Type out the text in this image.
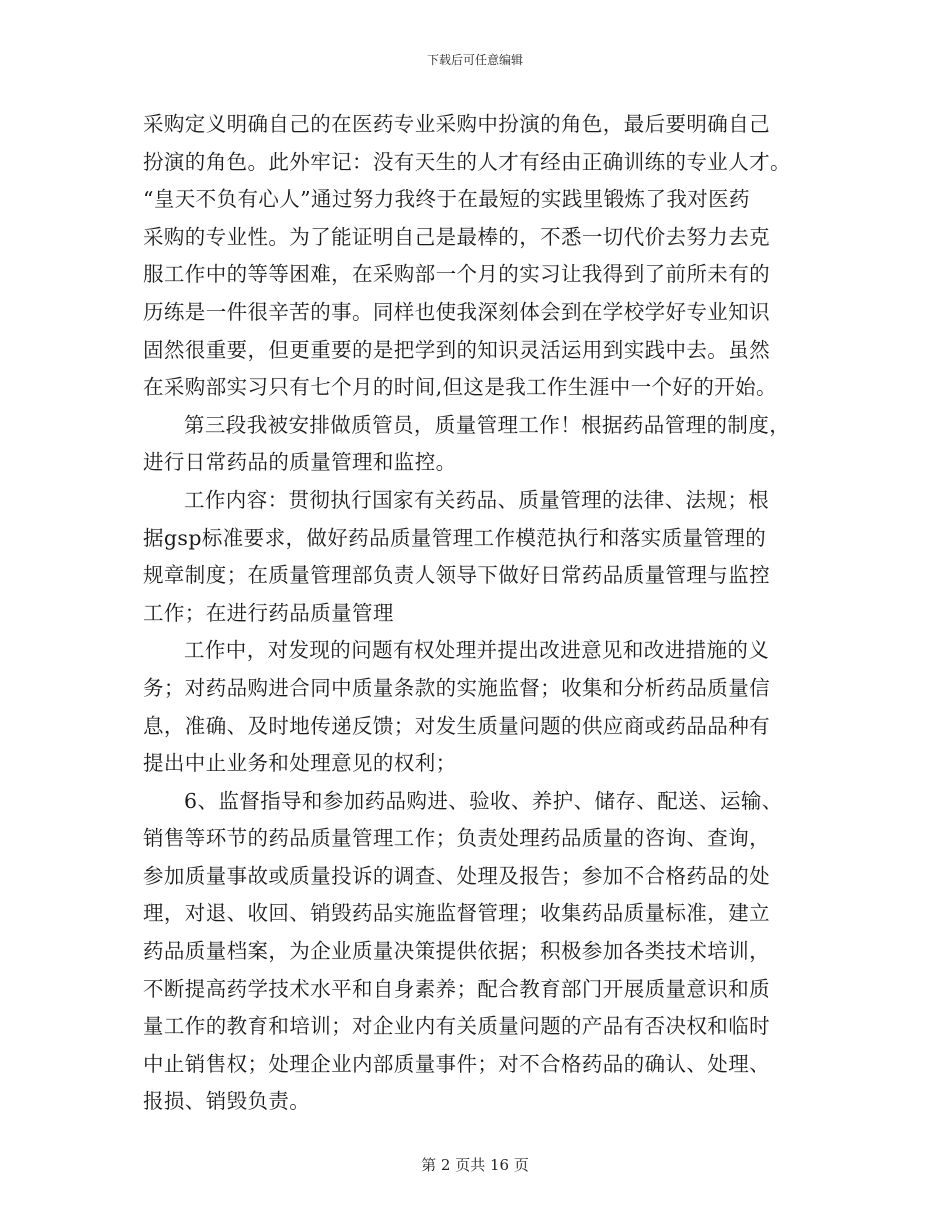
下载后可任意编辑
采购定义明确自己的在医药专业采购中扮演的角色，最后要明确自己
扮演的角色。此外牢记：没有天生的人才有经由正确训练的专业人才。
“皇天不负有心人”通过努力我终于在最短的实践里锻炼了我对医药
采购的专业性。为了能证明自己是最棒的，不悉一切代价去努力去克
服工作中的等等困难，在采购部一个月的实习让我得到了前所未有的
历练是一件很辛苦的事。同样也使我深刻体会到在学校学好专业知识
固然很重要，但更重要的是把学到的知识灵活运用到实践中去。虽然
在采购部实习只有七个月的时间,但这是我工作生涯中一个好的开始。
第三段我被安排做质管员，质量管理工作！根据药品管理的制度，
进行日常药品的质量管理和监控。
工作内容：贯彻执行国家有关药品、质量管理的法律、法规；根
据gsp标准要求，做好药品质量管理工作模范执行和落实质量管理的
规章制度；在质量管理部负责人领导下做好日常药品质量管理与监控
工作；在进行药品质量管理
工作中，对发现的问题有权处理并提出改进意见和改进措施的义
务；对药品购进合同中质量条款的实施监督；收集和分析药品质量信
息，准确、及时地传递反馈；对发生质量问题的供应商或药品品种有
提出中止业务和处理意见的权利；
6、监督指导和参加药品购进、验收、养护、储存、配送、运输、
销售等环节的药品质量管理工作；负责处理药品质量的咨询、查询，
参加质量事故或质量投诉的调查、处理及报告；参加不合格药品的处
理，对退、收回、销毁药品实施监督管理；收集药品质量标准，建立
药品质量档案，为企业质量决策提供依据；积极参加各类技术培训，
不断提高药学技术水平和自身素养；配合教育部门开展质量意识和质
量工作的教育和培训；对企业内有关质量问题的产品有否决权和临时
中止销售权；处理企业内部质量事件；对不合格药品的确认、处理、
报损、销毁负责。
第 2 页共 16 页
